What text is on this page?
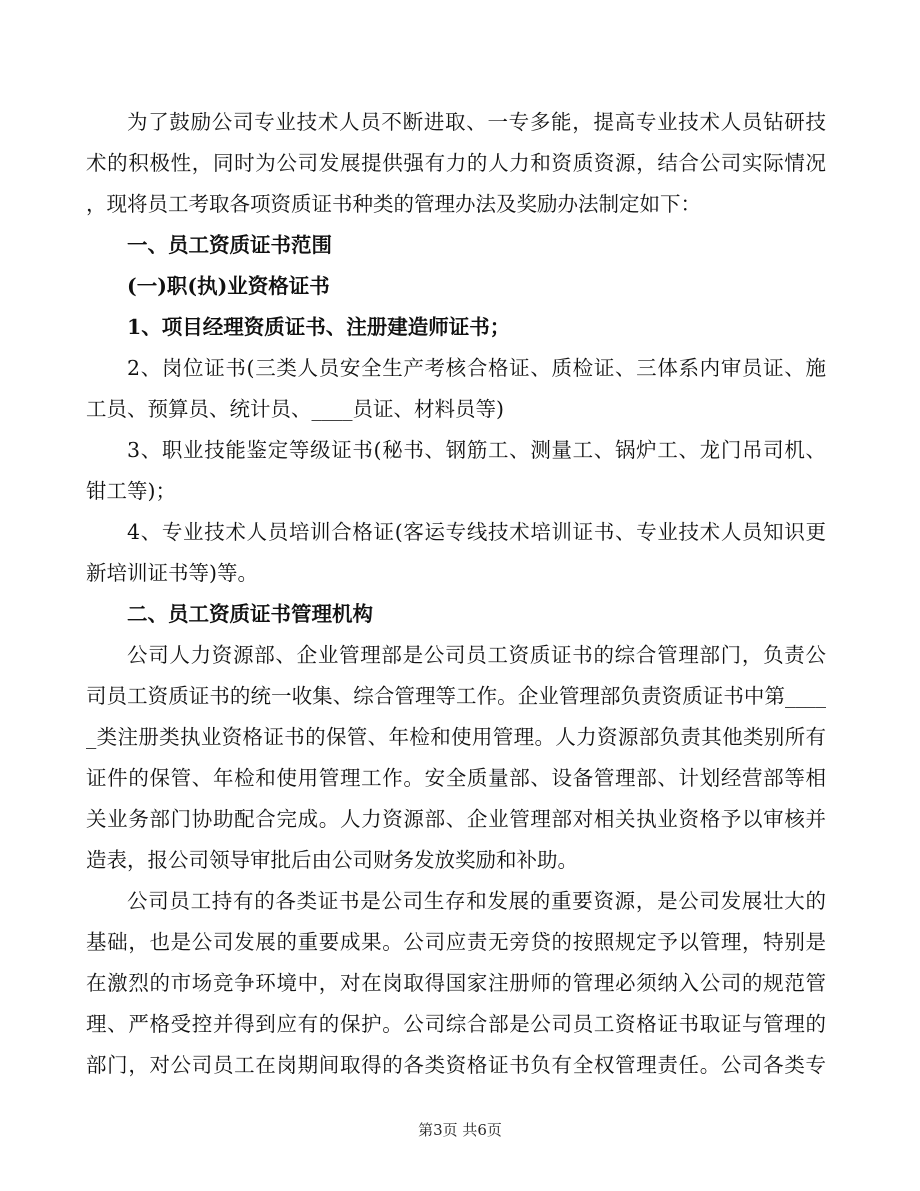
为了鼓励公司专业技术人员不断进取、一专多能，提高专业技术人员钻研技
术的积极性，同时为公司发展提供强有力的人力和资质资源，结合公司实际情况
，现将员工考取各项资质证书种类的管理办法及奖励办法制定如下：
一、员工资质证书范围
(一)职(执)业资格证书
1、项目经理资质证书、注册建造师证书；
2、岗位证书(三类人员安全生产考核合格证、质检证、三体系内审员证、施
工员、预算员、统计员、____员证、材料员等)
3、职业技能鉴定等级证书(秘书、钢筋工、测量工、锅炉工、龙门吊司机、
钳工等)；
4、专业技术人员培训合格证(客运专线技术培训证书、专业技术人员知识更
新培训证书等)等。
二、员工资质证书管理机构
公司人力资源部、企业管理部是公司员工资质证书的综合管理部门，负责公
司员工资质证书的统一收集、综合管理等工作。企业管理部负责资质证书中第____
_类注册类执业资格证书的保管、年检和使用管理。人力资源部负责其他类别所有
证件的保管、年检和使用管理工作。安全质量部、设备管理部、计划经营部等相
关业务部门协助配合完成。人力资源部、企业管理部对相关执业资格予以审核并
造表，报公司领导审批后由公司财务发放奖励和补助。
公司员工持有的各类证书是公司生存和发展的重要资源，是公司发展壮大的
基础，也是公司发展的重要成果。公司应责无旁贷的按照规定予以管理，特别是
在激烈的市场竞争环境中，对在岗取得国家注册师的管理必须纳入公司的规范管
理、严格受控并得到应有的保护。公司综合部是公司员工资格证书取证与管理的
部门，对公司员工在岗期间取得的各类资格证书负有全权管理责任。公司各类专
第3页 共6页
